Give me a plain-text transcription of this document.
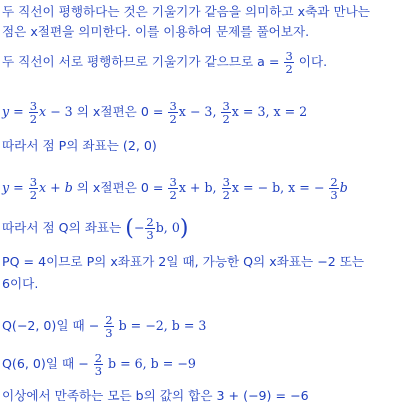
두 직선이 평행하다는 것은 기울기가 같음을 의미하고 x축과 만나는
점은 x절편을 의미한다. 이를 이용하여 문제를 풀어보자.
두 직선이 서로 평행하므로 기울기가 같으므로 $a = \frac{3}{2}$ 이다.
$y = \frac{3}{2}$ x − 3 의 x절편은 $0 = \frac{3}{2}$ x − 3, $\frac{3}{2}$ x = 3, x = 2
따라서 점 P의 좌표는 (2, 0)
$y = \frac{3}{2}$ x + b 의 x절편은 $0 = \frac{3}{2}$ x + b, $\frac{3}{2}$ x = − b, x = − $\frac{2}{3}$ b
따라서 점 Q의 좌표는 (− $\frac{2}{3} b$, 0)
PQ = 4이므로 P의 x좌표가 2일 때, 가능한 Q의 x좌표는 −2 또는
6이다.
Q(−2, 0)일 때 − $\frac{2}{3}$ b = −2, b = 3
Q(6, 0)일 때 − $\frac{2}{3}$ b = 6, b = −9
이상에서 만족하는 모든 b의 값의 합은 3 + (−9) = −6
